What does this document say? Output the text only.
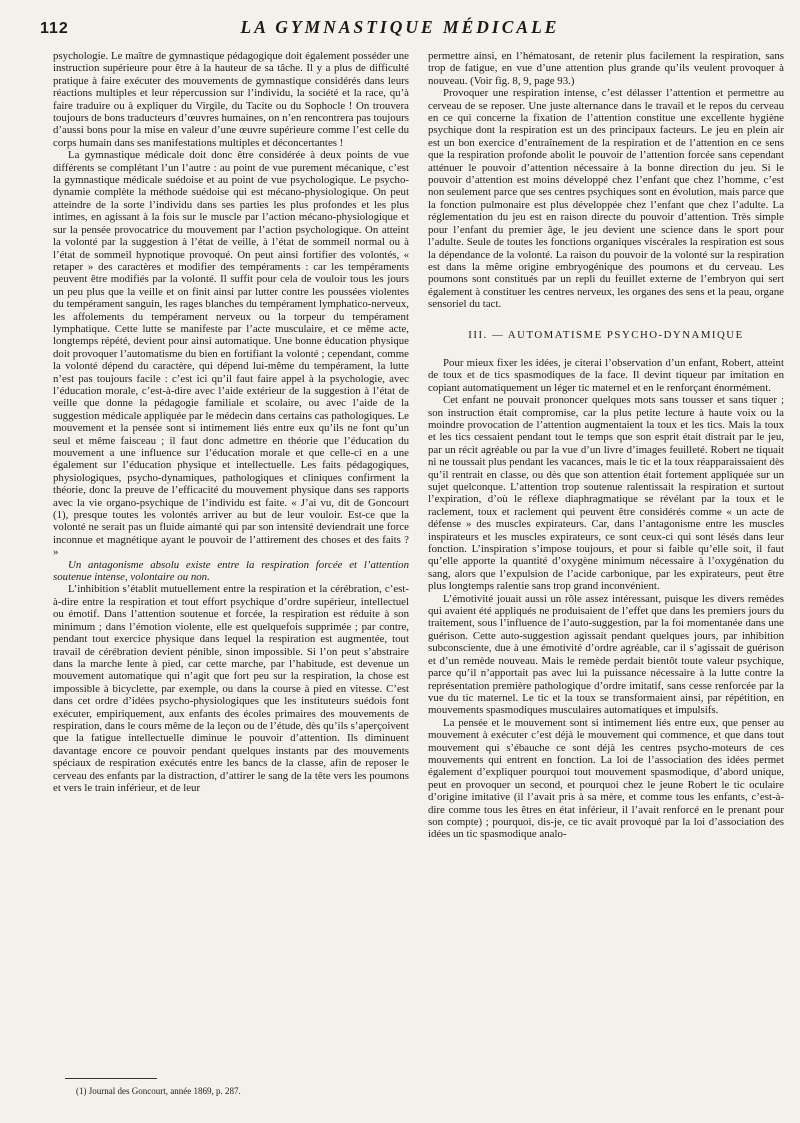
112	LA GYMNASTIQUE MÉDICALE

psychologie. Le maître de gymnastique pédagogique doit également posséder une instruction supérieure pour être à la hauteur de sa tâche. Il y a plus de difficulté pratique à faire exécuter des mouvements de gymnastique considérés dans leurs réactions multiples et leur répercussion sur l’individu, la société et la race, qu’à faire traduire ou à expliquer du Virgile, du Tacite ou du Sophocle ! On trouvera toujours de bons traducteurs d’œuvres humaines, on n’en rencontrera pas toujours d’aussi bons pour la mise en valeur d’une œuvre supérieure comme l’est celle du corps humain dans ses manifestations multiples et déconcertantes !

La gymnastique médicale doit donc être considérée à deux points de vue différents se complétant l’un l’autre : au point de vue purement mécanique, c’est la gymnastique médicale suédoise et au point de vue psychologique. Le psycho-dynamie complète la méthode suédoise qui est mécano-physiologique. On peut atteindre de la sorte l’individu dans ses parties les plus profondes et les plus intimes, en agissant à la fois sur le muscle par l’action mécano-physiologique et sur la pensée provocatrice du mouvement par l’action psychologique. On atteint la volonté par la suggestion à l’état de veille, à l’état de sommeil normal ou à l’état de sommeil hypnotique provoqué. On peut ainsi fortifier des volontés, « retaper » des caractères et modifier des tempéraments : car les tempéraments peuvent être modifiés par la volonté. Il suffit pour cela de vouloir tous les jours un peu plus que la veille et on finit ainsi par lutter contre les poussées violentes du tempérament sanguin, les rages blanches du tempérament lymphatico-nerveux, les affolements du tempérament nerveux ou la torpeur du tempérament lymphatique. Cette lutte se manifeste par l’acte musculaire, et ce même acte, longtemps répété, devient pour ainsi automatique. Une bonne éducation physique doit provoquer l’automatisme du bien en fortifiant la volonté ; cependant, comme la volonté dépend du caractère, qui dépend lui-même du tempérament, la lutte n’est pas toujours facile : c’est ici qu’il faut faire appel à la psychologie, avec l’éducation morale, c’est-à-dire avec l’aide extérieur de la suggestion à l’état de veille que donne la pédagogie familiale et scolaire, ou avec l’aide de la suggestion médicale appliquée par le médecin dans certains cas pathologiques. Le mouvement et la pensée sont si intimement liés entre eux qu’ils ne font qu’un seul et même faisceau ; il faut donc admettre en théorie que l’éducation du mouvement a une influence sur l’éducation morale et que celle-ci en a une également sur l’éducation physique et intellectuelle. Les faits pédagogiques, physiologiques, psycho-dynamiques, pathologiques et cliniques confirment la théorie, donc la preuve de l’efficacité du mouvement physique dans ses rapports avec la vie organo-psychique de l’individu est faite. « J’ai vu, dit de Goncourt (1), presque toutes les volontés arriver au but de leur vouloir. Est-ce que la volonté ne serait pas un fluide aimanté qui par son intensité deviendrait une force inconnue et magnétique ayant le pouvoir de l’attirement des choses et des faits ? »

Un antagonisme absolu existe entre la respiration forcée et l’attention soutenue intense, volontaire ou non.

L’inhibition s’établit mutuellement entre la respiration et la cérébration, c’est-à-dire entre la respiration et tout effort psychique d’ordre supérieur, intellectuel ou émotif. Dans l’attention soutenue et forcée, la respiration est réduite à son minimum ; dans l’émotion violente, elle est quelquefois supprimée ; par contre, pendant tout exercice physique dans lequel la respiration est augmentée, tout travail de cérébration devient pénible, sinon impossible. Si l’on peut s’abstraire dans la marche lente à pied, car cette marche, par l’habitude, est devenue un mouvement automatique qui n’agit que fort peu sur la respiration, la chose est impossible à bicyclette, par exemple, ou dans la course à pied en vitesse. C’est dans cet ordre d’idées psycho-physiologiques que les instituteurs suédois font exécuter, empiriquement, aux enfants des écoles primaires des mouvements de respiration, dans le cours même de la leçon ou de l’étude, dès qu’ils s’aperçoivent que la fatigue intellectuelle diminue le pouvoir d’attention. Ils diminuent davantage encore ce pouvoir pendant quelques instants par des mouvements spéciaux de respiration exécutés entre les bancs de la classe, afin de reposer le cerveau des enfants par la distraction, d’attirer le sang de la tête vers les poumons et vers le train inférieur, et de leur

permettre ainsi, en l’hématosant, de retenir plus facilement la respiration, sans trop de fatigue, en vue d’une attention plus grande qu’ils veulent provoquer à nouveau. (Voir fig. 8, 9, page 93.)

Provoquer une respiration intense, c’est délasser l’attention et permettre au cerveau de se reposer. Une juste alternance dans le travail et le repos du cerveau en ce qui concerne la fixation de l’attention constitue une excellente hygiène psychique dont la respiration est un des principaux facteurs. Le jeu en plein air est un bon exercice d’entraînement de la respiration et de l’attention en ce sens que la respiration profonde abolit le pouvoir de l’attention forcée sans cependant atténuer le pouvoir d’attention nécessaire à la bonne direction du jeu. Si le pouvoir d’attention est moins développé chez l’enfant que chez l’homme, c’est non seulement parce que ses centres psychiques sont en évolution, mais parce que la fonction pulmonaire est plus développée chez l’enfant que chez l’adulte. La réglementation du jeu est en raison directe du pouvoir d’attention. Très simple pour l’enfant du premier âge, le jeu devient une science dans le sport pour l’adulte. Seule de toutes les fonctions organiques viscérales la respiration est sous la dépendance de la volonté. La raison du pouvoir de la volonté sur la respiration est dans la même origine embryogénique des poumons et du cerveau. Les poumons sont constitués par un repli du feuillet externe de l’embryon qui sert également à constituer les centres nerveux, les organes des sens et la peau, organe sensoriel du tact.

III. — AUTOMATISME PSYCHO-DYNAMIQUE

Pour mieux fixer les idées, je citerai l’observation d’un enfant, Robert, atteint de toux et de tics spasmodiques de la face. Il devint tiqueur par imitation en copiant automatiquement un léger tic maternel et en le renforçant énormément.

Cet enfant ne pouvait prononcer quelques mots sans tousser et sans tiquer ; son instruction était compromise, car la plus petite lecture à haute voix ou la moindre provocation de l’attention augmentaient la toux et les tics. Mais la toux et les tics cessaient pendant tout le temps que son esprit était distrait par le jeu, par un récit agréable ou par la vue d’un livre d’images feuilleté. Robert ne tiquait ni ne toussait plus pendant les vacances, mais le tic et la toux réapparaissaient dès qu’il rentrait en classe, ou dès que son attention était fortement appliquée sur un sujet quelconque. L’attention trop soutenue ralentissait la respiration et surtout l’expiration, d’où le réflexe diaphragmatique se révélant par la toux et le raclement, toux et raclement qui peuvent être considérés comme « un acte de défense » des muscles expirateurs. Car, dans l’antagonisme entre les muscles inspirateurs et les muscles expirateurs, ce sont ceux-ci qui sont lésés dans leur fonction. L’inspiration s’impose toujours, et pour si faible qu’elle soit, il faut qu’elle apporte la quantité d’oxygène minimum nécessaire à l’oxygénation du sang, alors que l’expulsion de l’acide carbonique, par les expirateurs, peut être plus longtemps ralentie sans trop grand inconvénient.

L’émotivité jouait aussi un rôle assez intéressant, puisque les divers remèdes qui avaient été appliqués ne produisaient de l’effet que dans les premiers jours du traitement, sous l’influence de l’auto-suggestion, par la foi momentanée dans une guérison. Cette auto-suggestion agissait pendant quelques jours, par inhibition subconsciente, due à une émotivité d’ordre agréable, car il s’agissait de guérison et d’un remède nouveau. Mais le remède perdait bientôt toute valeur psychique, parce qu’il n’apportait pas avec lui la puissance nécessaire à la lutte contre la représentation première pathologique d’ordre imitatif, sans cesse renforcée par la vue du tic maternel. Le tic et la toux se transformaient ainsi, par répétition, en mouvements spasmodiques musculaires automatiques et impulsifs.

La pensée et le mouvement sont si intimement liés entre eux, que penser au mouvement à exécuter c’est déjà le mouvement qui commence, et que dans tout mouvement qui s’ébauche ce sont déjà les centres psycho-moteurs de ces mouvements qui entrent en fonction. La loi de l’association des idées permet également d’expliquer pourquoi tout mouvement spasmodique, d’abord unique, peut en provoquer un second, et pourquoi chez le jeune Robert le tic oculaire d’origine imitative (il l’avait pris à sa mère, et comme tous les enfants, c’est-à-dire comme tous les êtres en état inférieur, il l’avait renforcé en le prenant pour son compte) ; pourquoi, dis-je, ce tic avait provoqué par la loi d’association des idées un tic spasmodique analo-

(1) Journal des Goncourt, année 1869, p. 287.
